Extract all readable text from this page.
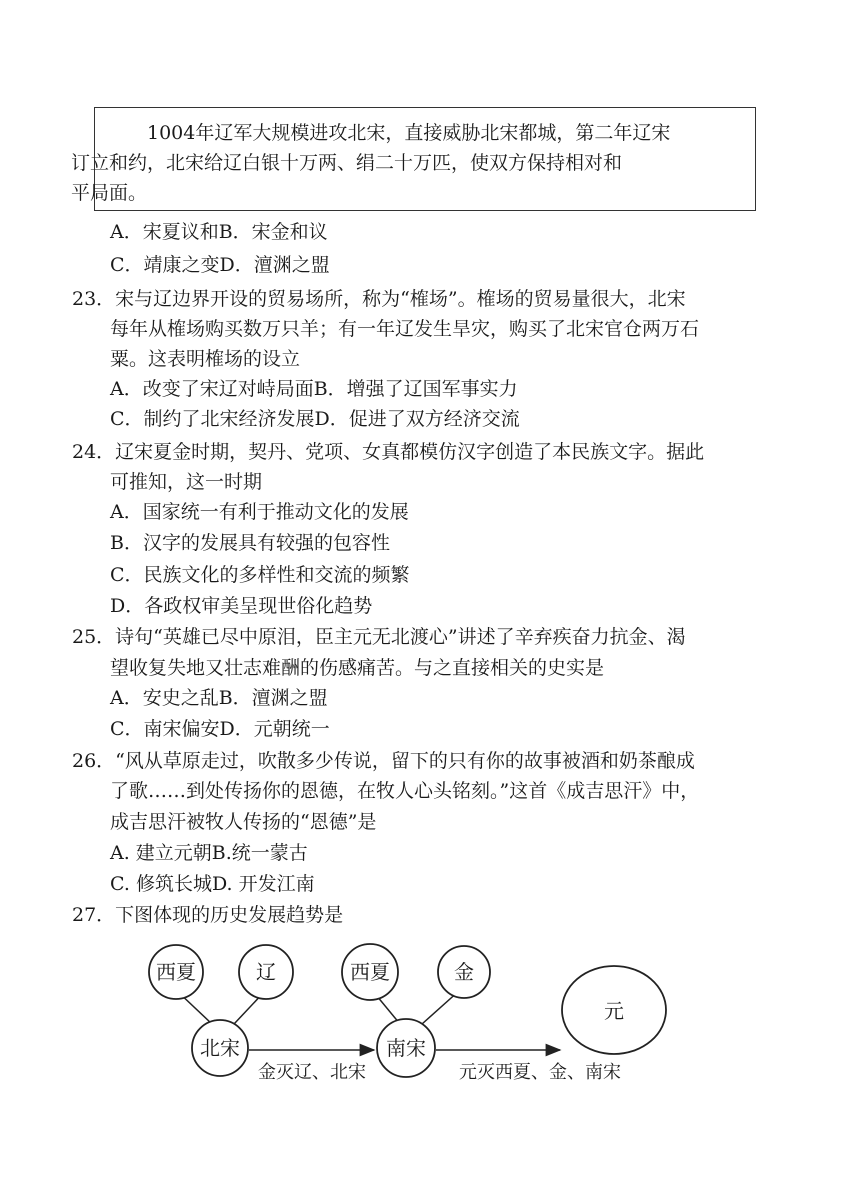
1004年辽军大规模进攻北宋，直接威胁北宋都城，第二年辽宋
订立和约，北宋给辽白银十万两、绢二十万匹，使双方保持相对和
平局面。

A．宋夏议和B．宋金和议
C．靖康之变D．澶渊之盟
23．宋与辽边界开设的贸易场所，称为“榷场”。榷场的贸易量很大，北宋
每年从榷场购买数万只羊；有一年辽发生旱灾，购买了北宋官仓两万石
粟。这表明榷场的设立
A．改变了宋辽对峙局面B．增强了辽国军事实力
C．制约了北宋经济发展D．促进了双方经济交流
24．辽宋夏金时期，契丹、党项、女真都模仿汉字创造了本民族文字。据此
可推知，这一时期
A．国家统一有利于推动文化的发展
B．汉字的发展具有较强的包容性
C．民族文化的多样性和交流的频繁
D．各政权审美呈现世俗化趋势
25．诗句“英雄已尽中原泪，臣主元无北渡心”讲述了辛弃疾奋力抗金、渴
望收复失地又壮志难酬的伤感痛苦。与之直接相关的史实是
A．安史之乱B．澶渊之盟
C．南宋偏安D．元朝统一
26．“风从草原走过，吹散多少传说，留下的只有你的故事被酒和奶茶酿成
了歌……到处传扬你的恩德，在牧人心头铭刻。”这首《成吉思汗》中，
成吉思汗被牧人传扬的“恩德”是
A. 建立元朝B.统一蒙古
C. 修筑长城D. 开发江南
27．下图体现的历史发展趋势是
西夏	辽
北宋
西夏	金
南宋
元
金灭辽、北宋	元灭西夏、金、南宋
